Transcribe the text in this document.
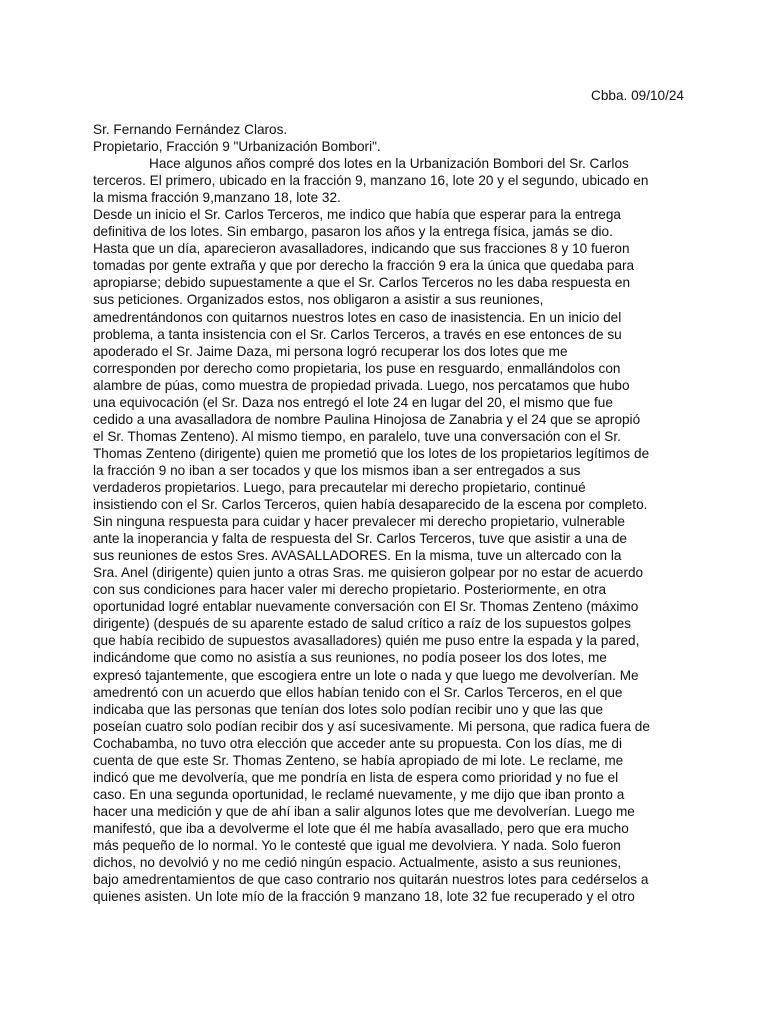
Cbba. 09/10/24
Sr. Fernando Fernández Claros.
Propietario, Fracción 9 "Urbanización Bombori".
Hace algunos años compré dos lotes en la Urbanización Bombori del Sr. Carlos
terceros. El primero, ubicado en la fracción 9, manzano 16, lote 20 y el segundo, ubicado en
la misma fracción 9,manzano 18, lote 32.
Desde un inicio el Sr. Carlos Terceros, me indico que había que esperar para la entrega
definitiva de los lotes. Sin embargo, pasaron los años y la entrega física, jamás se dio.
Hasta que un día, aparecieron avasalladores, indicando que sus fracciones 8 y 10 fueron
tomadas por gente extraña y que por derecho la fracción 9 era la única que quedaba para
apropiarse; debido supuestamente a que el Sr. Carlos Terceros no les daba respuesta en
sus peticiones. Organizados estos, nos obligaron a asistir a sus reuniones,
amedrentándonos con quitarnos nuestros lotes en caso de inasistencia. En un inicio del
problema, a tanta insistencia con el Sr. Carlos Terceros, a través en ese entonces de su
apoderado el Sr. Jaime Daza, mi persona logró recuperar los dos lotes que me
corresponden por derecho como propietaria, los puse en resguardo, enmallándolos con
alambre de púas, como muestra de propiedad privada. Luego, nos percatamos que hubo
una equivocación (el Sr. Daza nos entregó el lote 24 en lugar del 20, el mismo que fue
cedido a una avasalladora de nombre Paulina Hinojosa de Zanabria y el 24 que se apropió
el Sr. Thomas Zenteno). Al mismo tiempo, en paralelo, tuve una conversación con el Sr.
Thomas Zenteno (dirigente) quien me prometió que los lotes de los propietarios legítimos de
la fracción 9 no iban a ser tocados y que los mismos iban a ser entregados a sus
verdaderos propietarios. Luego, para precautelar mi derecho propietario, continué
insistiendo con el Sr. Carlos Terceros, quien había desaparecido de la escena por completo.
Sin ninguna respuesta para cuidar y hacer prevalecer mi derecho propietario, vulnerable
ante la inoperancia y falta de respuesta del Sr. Carlos Terceros, tuve que asistir a una de
sus reuniones de estos Sres. AVASALLADORES. En la misma, tuve un altercado con la
Sra. Anel (dirigente) quien junto a otras Sras. me quisieron golpear por no estar de acuerdo
con sus condiciones para hacer valer mi derecho propietario. Posteriormente, en otra
oportunidad logré entablar nuevamente conversación con El Sr. Thomas Zenteno (máximo
dirigente) (después de su aparente estado de salud crítico a raíz de los supuestos golpes
que había recibido de supuestos avasalladores) quién me puso entre la espada y la pared,
indicándome que como no asistía a sus reuniones, no podía poseer los dos lotes, me
expresó tajantemente, que escogiera entre un lote o nada y que luego me devolverían. Me
amedrentó con un acuerdo que ellos habían tenido con el Sr. Carlos Terceros, en el que
indicaba que las personas que tenían dos lotes solo podían recibir uno y que las que
poseían cuatro solo podían recibir dos y así sucesivamente. Mi persona, que radica fuera de
Cochabamba, no tuvo otra elección que acceder ante su propuesta. Con los días, me di
cuenta de que este Sr. Thomas Zenteno, se había apropiado de mi lote. Le reclame, me
indicó que me devolvería, que me pondría en lista de espera como prioridad y no fue el
caso. En una segunda oportunidad, le reclamé nuevamente, y me dijo que iban pronto a
hacer una medición y que de ahí iban a salir algunos lotes que me devolverían. Luego me
manifestó, que iba a devolverme el lote que él me había avasallado, pero que era mucho
más pequeño de lo normal. Yo le contesté que igual me devolviera. Y nada. Solo fueron
dichos, no devolvió y no me cedió ningún espacio. Actualmente, asisto a sus reuniones,
bajo amedrentamientos de que caso contrario nos quitarán nuestros lotes para cedérselos a
quienes asisten. Un lote mío de la fracción 9 manzano 18, lote 32 fue recuperado y el otro
